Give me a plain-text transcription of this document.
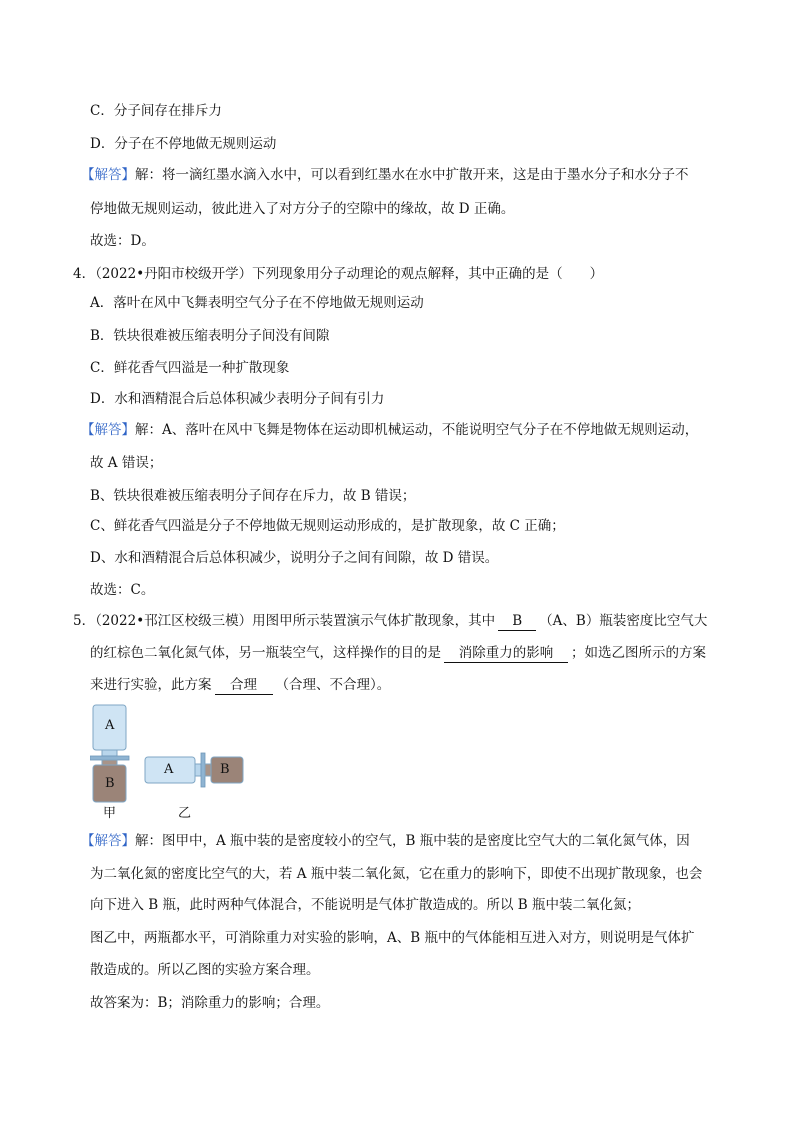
C．分子间存在排斥力
D．分子在不停地做无规则运动
【解答】解：将一滴红墨水滴入水中，可以看到红墨水在水中扩散开来，这是由于墨水分子和水分子不
停地做无规则运动，彼此进入了对方分子的空隙中的缘故，故 D 正确。
故选：D。
4．（2022•丹阳市校级开学）下列现象用分子动理论的观点解释，其中正确的是（　　）
A．落叶在风中飞舞表明空气分子在不停地做无规则运动
B．铁块很难被压缩表明分子间没有间隙
C．鲜花香气四溢是一种扩散现象
D．水和酒精混合后总体积减少表明分子间有引力
【解答】解：A、落叶在风中飞舞是物体在运动即机械运动，不能说明空气分子在不停地做无规则运动，
故 A 错误；
B、铁块很难被压缩表明分子间存在斥力，故 B 错误；
C、鲜花香气四溢是分子不停地做无规则运动形成的，是扩散现象，故 C 正确；
D、水和酒精混合后总体积减少，说明分子之间有间隙，故 D 错误。
故选：C。
5．（2022•邗江区校级三模）用图甲所示装置演示气体扩散现象，其中 B （A、B）瓶装密度比空气大
的红棕色二氧化氮气体，另一瓶装空气，这样操作的目的是 消除重力的影响 ；如选乙图所示的方案
来进行实验，此方案 合理 （合理、不合理）。
A
B
A	B
甲	乙
【解答】解：图甲中，A 瓶中装的是密度较小的空气，B 瓶中装的是密度比空气大的二氧化氮气体，因
为二氧化氮的密度比空气的大，若 A 瓶中装二氧化氮，它在重力的影响下，即使不出现扩散现象，也会
向下进入 B 瓶，此时两种气体混合，不能说明是气体扩散造成的。所以 B 瓶中装二氧化氮；
图乙中，两瓶都水平，可消除重力对实验的影响，A、B 瓶中的气体能相互进入对方，则说明是气体扩
散造成的。所以乙图的实验方案合理。
故答案为：B；消除重力的影响；合理。
